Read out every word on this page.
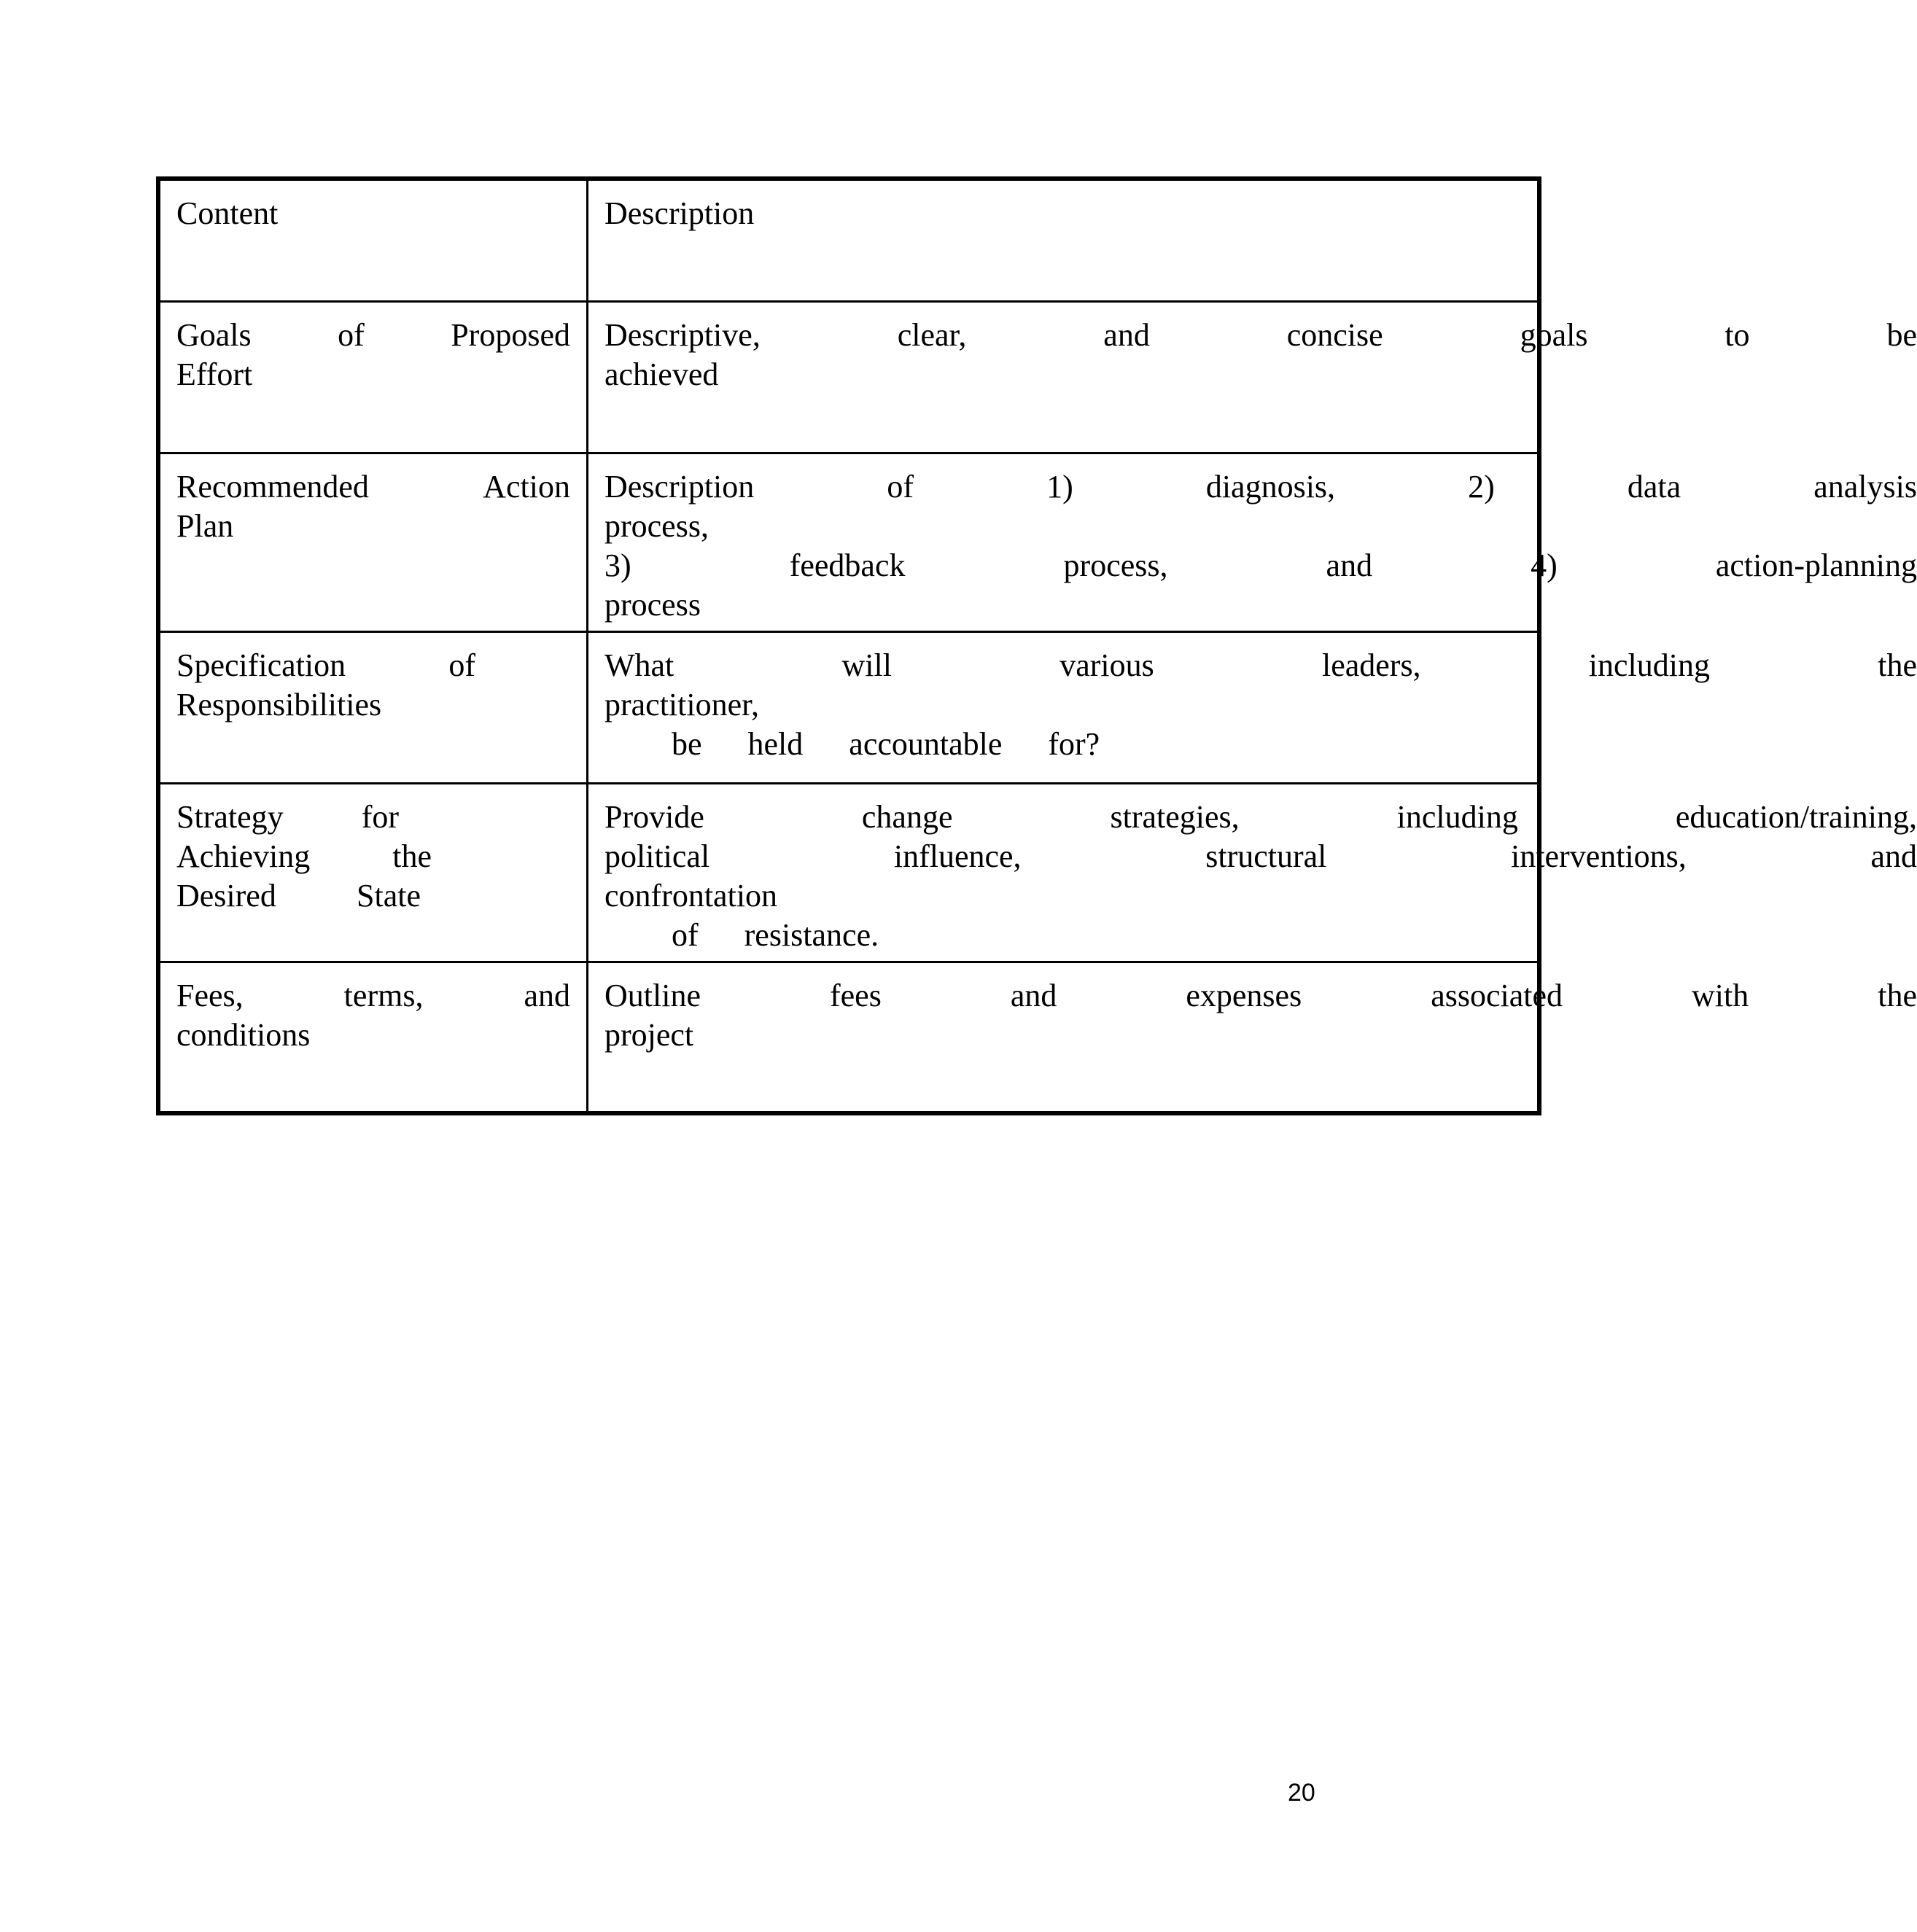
Content	Description

Goals of Proposed
Effort	Descriptive, clear, and concise goals to be
achieved

Recommended Action
Plan	Description of 1) diagnosis, 2) data analysis
process,
3) feedback process, and 4) action-planning
process

Specification of
Responsibilities	What will various leaders, including the
practitioner,
be held accountable for?

Strategy for
Achieving the
Desired State	Provide change strategies, including education/training,
political influence, structural interventions, and
confrontation
of resistance.

Fees, terms, and
conditions	Outline fees and expenses associated with the
project
20
